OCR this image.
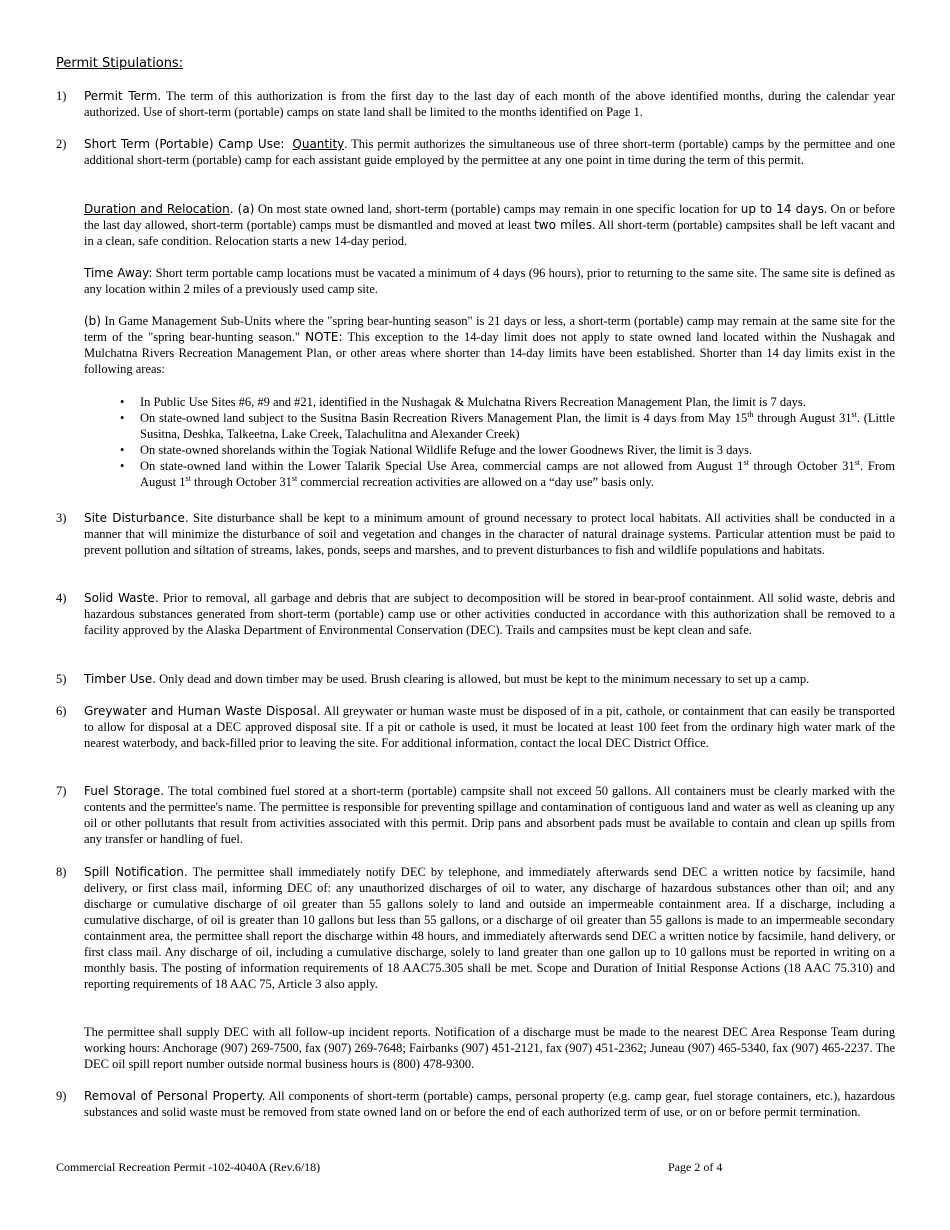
Permit Stipulations:
1) Permit Term. The term of this authorization is from the first day to the last day of each month of the above identified months, during the calendar year authorized. Use of short-term (portable) camps on state land shall be limited to the months identified on Page 1.
2) Short Term (Portable) Camp Use: Quantity. This permit authorizes the simultaneous use of three short-term (portable) camps by the permittee and one additional short-term (portable) camp for each assistant guide employed by the permittee at any one point in time during the term of this permit.
Duration and Relocation. (a) On most state owned land, short-term (portable) camps may remain in one specific location for up to 14 days. On or before the last day allowed, short-term (portable) camps must be dismantled and moved at least two miles. All short-term (portable) campsites shall be left vacant and in a clean, safe condition. Relocation starts a new 14-day period.
Time Away: Short term portable camp locations must be vacated a minimum of 4 days (96 hours), prior to returning to the same site. The same site is defined as any location within 2 miles of a previously used camp site.
(b) In Game Management Sub-Units where the "spring bear-hunting season" is 21 days or less, a short-term (portable) camp may remain at the same site for the term of the "spring bear-hunting season." NOTE: This exception to the 14-day limit does not apply to state owned land located within the Nushagak and Mulchatna Rivers Recreation Management Plan, or other areas where shorter than 14-day limits have been established. Shorter than 14 day limits exist in the following areas:
• In Public Use Sites #6, #9 and #21, identified in the Nushagak & Mulchatna Rivers Recreation Management Plan, the limit is 7 days.
• On state-owned land subject to the Susitna Basin Recreation Rivers Management Plan, the limit is 4 days from May 15th through August 31st. (Little Susitna, Deshka, Talkeetna, Lake Creek, Talachulitna and Alexander Creek)
• On state-owned shorelands within the Togiak National Wildlife Refuge and the lower Goodnews River, the limit is 3 days.
• On state-owned land within the Lower Talarik Special Use Area, commercial camps are not allowed from August 1st through October 31st. From August 1st through October 31st commercial recreation activities are allowed on a “day use” basis only.
3) Site Disturbance. Site disturbance shall be kept to a minimum amount of ground necessary to protect local habitats. All activities shall be conducted in a manner that will minimize the disturbance of soil and vegetation and changes in the character of natural drainage systems. Particular attention must be paid to prevent pollution and siltation of streams, lakes, ponds, seeps and marshes, and to prevent disturbances to fish and wildlife populations and habitats.
4) Solid Waste. Prior to removal, all garbage and debris that are subject to decomposition will be stored in bear-proof containment. All solid waste, debris and hazardous substances generated from short-term (portable) camp use or other activities conducted in accordance with this authorization shall be removed to a facility approved by the Alaska Department of Environmental Conservation (DEC). Trails and campsites must be kept clean and safe.
5) Timber Use. Only dead and down timber may be used. Brush clearing is allowed, but must be kept to the minimum necessary to set up a camp.
6) Greywater and Human Waste Disposal. All greywater or human waste must be disposed of in a pit, cathole, or containment that can easily be transported to allow for disposal at a DEC approved disposal site. If a pit or cathole is used, it must be located at least 100 feet from the ordinary high water mark of the nearest waterbody, and back-filled prior to leaving the site. For additional information, contact the local DEC District Office.
7) Fuel Storage. The total combined fuel stored at a short-term (portable) campsite shall not exceed 50 gallons. All containers must be clearly marked with the contents and the permittee's name. The permittee is responsible for preventing spillage and contamination of contiguous land and water as well as cleaning up any oil or other pollutants that result from activities associated with this permit. Drip pans and absorbent pads must be available to contain and clean up spills from any transfer or handling of fuel.
8) Spill Notification. The permittee shall immediately notify DEC by telephone, and immediately afterwards send DEC a written notice by facsimile, hand delivery, or first class mail, informing DEC of: any unauthorized discharges of oil to water, any discharge of hazardous substances other than oil; and any discharge or cumulative discharge of oil greater than 55 gallons solely to land and outside an impermeable containment area. If a discharge, including a cumulative discharge, of oil is greater than 10 gallons but less than 55 gallons, or a discharge of oil greater than 55 gallons is made to an impermeable secondary containment area, the permittee shall report the discharge within 48 hours, and immediately afterwards send DEC a written notice by facsimile, hand delivery, or first class mail. Any discharge of oil, including a cumulative discharge, solely to land greater than one gallon up to 10 gallons must be reported in writing on a monthly basis. The posting of information requirements of 18 AAC75.305 shall be met. Scope and Duration of Initial Response Actions (18 AAC 75.310) and reporting requirements of 18 AAC 75, Article 3 also apply.
The permittee shall supply DEC with all follow-up incident reports. Notification of a discharge must be made to the nearest DEC Area Response Team during working hours: Anchorage (907) 269-7500, fax (907) 269-7648; Fairbanks (907) 451-2121, fax (907) 451-2362; Juneau (907) 465-5340, fax (907) 465-2237. The DEC oil spill report number outside normal business hours is (800) 478-9300.
9) Removal of Personal Property. All components of short-term (portable) camps, personal property (e.g. camp gear, fuel storage containers, etc.), hazardous substances and solid waste must be removed from state owned land on or before the end of each authorized term of use, or on or before permit termination.
Commercial Recreation Permit -102-4040A (Rev.6/18)	Page 2 of 4
